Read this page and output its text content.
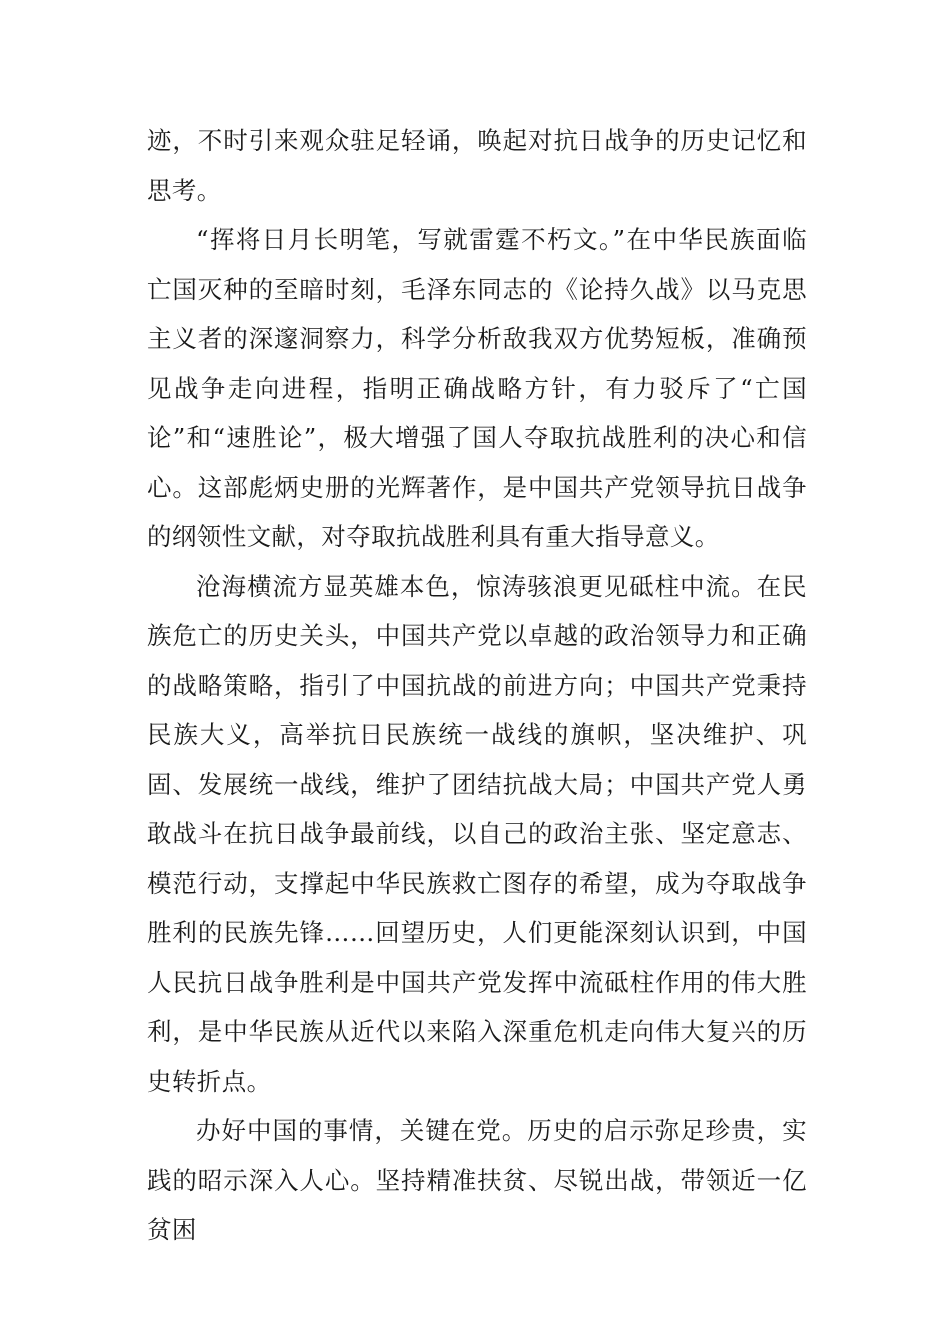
迹，不时引来观众驻足轻诵，唤起对抗日战争的历史记忆和思考。

“挥将日月长明笔，写就雷霆不朽文。”在中华民族面临亡国灭种的至暗时刻，毛泽东同志的《论持久战》以马克思主义者的深邃洞察力，科学分析敌我双方优势短板，准确预见战争走向进程，指明正确战略方针，有力驳斥了“亡国论”和“速胜论”，极大增强了国人夺取抗战胜利的决心和信心。这部彪炳史册的光辉著作，是中国共产党领导抗日战争的纲领性文献，对夺取抗战胜利具有重大指导意义。

沧海横流方显英雄本色，惊涛骇浪更见砥柱中流。在民族危亡的历史关头，中国共产党以卓越的政治领导力和正确的战略策略，指引了中国抗战的前进方向；中国共产党秉持民族大义，高举抗日民族统一战线的旗帜，坚决维护、巩固、发展统一战线，维护了团结抗战大局；中国共产党人勇敢战斗在抗日战争最前线，以自己的政治主张、坚定意志、模范行动，支撑起中华民族救亡图存的希望，成为夺取战争胜利的民族先锋……回望历史，人们更能深刻认识到，中国人民抗日战争胜利是中国共产党发挥中流砥柱作用的伟大胜利，是中华民族从近代以来陷入深重危机走向伟大复兴的历史转折点。

办好中国的事情，关键在党。历史的启示弥足珍贵，实践的昭示深入人心。坚持精准扶贫、尽锐出战，带领近一亿贫困
